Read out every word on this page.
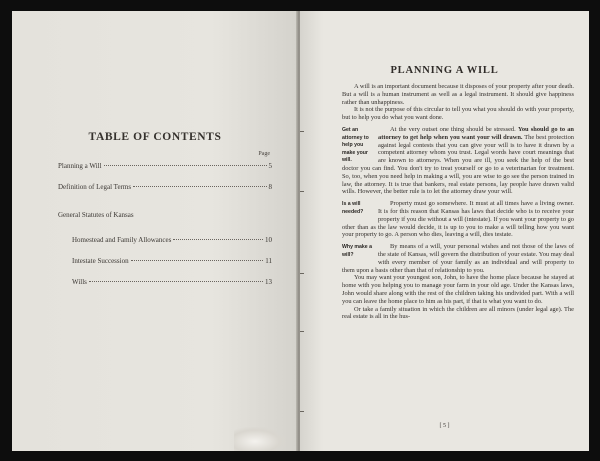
TABLE OF CONTENTS
Page
Planning a Will	5
Definition of Legal Terms	8
General Statutes of Kansas
Homestead and Family Allowances	10
Intestate Succession	11
Wills	13
PLANNING A WILL

A will is an important document because it disposes of your property after your death. But a will is a human instrument as well as a legal instrument. It should give happiness rather than unhappiness.

It is not the purpose of this circular to tell you what you should do with your property, but to help you do what you want done.

Get an attorney to help you make your will.
At the very outset one thing should be stressed. You should go to an attorney to get help when you want your will drawn. The best protection against legal contests that you can give your will is to have it drawn by a competent attorney whom you trust. Legal words have court meanings that are known to attorneys. When you are ill, you seek the help of the best doctor you can find. You don't try to treat yourself or go to a veterinarian for treatment. So, too, when you need help in making a will, you are wise to go see the person trained in law, the attorney. It is true that bankers, real estate persons, lay people have drawn valid wills. However, the better rule is to let the attorney draw your will.

Is a will needed?
Property must go somewhere. It must at all times have a living owner. It is for this reason that Kansas has laws that decide who is to receive your property if you die without a will (intestate). If you want your property to go other than as the law would decide, it is up to you to make a will telling how you want your property to go. A person who dies, leaving a will, dies testate.

Why make a will?
By means of a will, your personal wishes and not those of the laws of the state of Kansas, will govern the distribution of your estate. You may deal with every member of your family as an individual and will property to them upon a basis other than that of relationship to you.

You may want your youngest son, John, to have the home place because he stayed at home with you helping you to manage your farm in your old age. Under the Kansas laws, John would share along with the rest of the children taking his undivided part. With a will you can leave the home place to him as his part, if that is what you want to do.

Or take a family situation in which the children are all minors (under legal age). The real estate is all in the hus-

[ 5 ]
